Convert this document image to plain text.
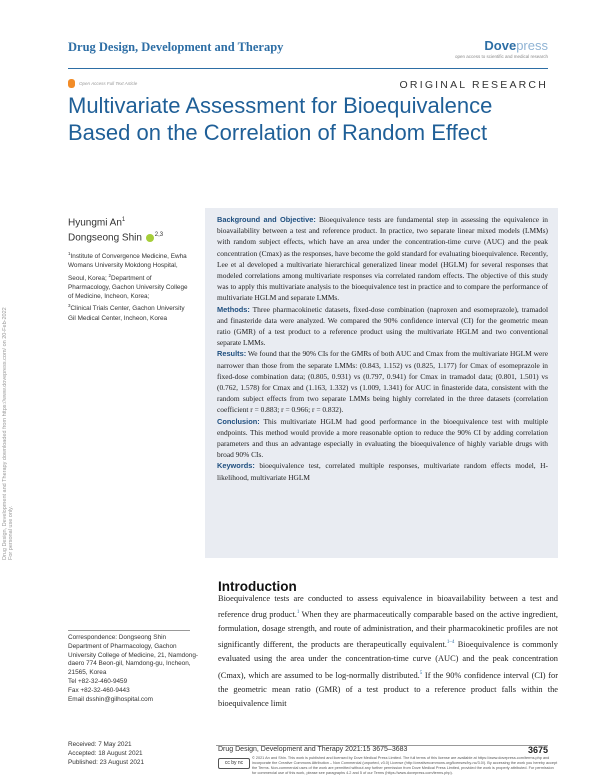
Drug Design, Development and Therapy	Dovepress
open access to scientific and medical research
Open Access Full Text Article	ORIGINAL RESEARCH
Multivariate Assessment for Bioequivalence Based on the Correlation of Random Effect
Drug Design, Development and Therapy downloaded from https://www.dovepress.com/ on 20-Feb-2022
For personal use only.
Hyungmi An$^1$
Dongseong Shin $^{2,3}$
$^1$Institute of Convergence Medicine, Ewha Womans University Mokdong Hospital, Seoul, Korea; $^2$Department of Pharmacology, Gachon University College of Medicine, Incheon, Korea;
$^3$Clinical Trials Center, Gachon University Gil Medical Center, Incheon, Korea

Background and Objective: Bioequivalence tests are fundamental step in assessing the equivalence in bioavailability between a test and reference product. In practice, two separate linear mixed models (LMMs) with random subject effects, which have an area under the concentration-time curve (AUC) and the peak concentration (Cmax) as the responses, have become the gold standard for evaluating bioequivalence. Recently, Lee et al developed a multivariate hierarchical generalized linear model (HGLM) for several responses that modeled correlations among multivariate responses via correlated random effects. The objective of this study was to apply this multivariate analysis to the bioequivalence test in practice and to compare the performance of multivariate HGLM and separate LMMs.

Methods: Three pharmacokinetic datasets, fixed-dose combination (naproxen and esomeprazole), tramadol and finasteride data were analyzed. We compared the 90% confidence interval (CI) for the geometric mean ratio (GMR) of a test product to a reference product using the multivariate HGLM and two conventional separate LMMs.

Results: We found that the 90% CIs for the GMRs of both AUC and Cmax from the multivariate HGLM were narrower than those from the separate LMMs: (0.843, 1.152) vs (0.825, 1.177) for Cmax of esomeprazole in fixed-dose combination data; (0.805, 0.931) vs (0.797, 0.941) for Cmax in tramadol data; (0.801, 1.501) vs (0.762, 1.578) for Cmax and (1.163, 1.332) vs (1.009, 1.341) for AUC in finasteride data, consistent with the random subject effects from two separate LMMs being highly correlated in the three datasets (correlation coefficient r = 0.883; r = 0.966; r = 0.832).

Conclusion: This multivariate HGLM had good performance in the bioequivalence test with multiple endpoints. This method would provide a more reasonable option to reduce the 90% CI by adding correlation parameters and thus an advantage especially in evaluating the bioequivalence of highly variable drugs with broad 90% CIs.

Keywords: bioequivalence test, correlated multiple responses, multivariate random effects model, H-likelihood, multivariate HGLM

Introduction
Bioequivalence tests are conducted to assess equivalence in bioavailability between a test and reference drug product.$^1$ When they are pharmaceutically comparable based on the active ingredient, formulation, dosage strength, and route of administration, and their pharmacokinetic profiles are not significantly different, the products are therapeutically equivalent.$^{1-4}$ Bioequivalence is commonly evaluated using the area under the concentration-time curve (AUC) and the peak concentration (Cmax), which are assumed to be log-normally distributed.$^5$ If the 90% confidence interval (CI) for the geometric mean ratio (GMR) of a test product to a reference product falls within the bioequivalence limit
Correspondence: Dongseong Shin
Department of Pharmacology, Gachon University College of Medicine, 21, Namdong-daero 774 Beon-gil, Namdong-gu, Incheon, 21565, Korea
Tel +82-32-460-9459
Fax +82-32-460-9443
Email dsshin@gilhospital.com
Received: 7 May 2021
Accepted: 18 August 2021
Published: 23 August 2021
Drug Design, Development and Therapy 2021:15 3675–3683	3675
cc by nc
© 2021 An and Shin. This work is published and licensed by Dove Medical Press Limited. The full terms of this license are available at https://www.dovepress.com/terms.php and incorporate the Creative Commons Attribution – Non Commercial (unported, v3.0) License (http://creativecommons.org/licenses/by-nc/3.0/). By accessing the work you hereby accept the Terms. Non-commercial uses of the work are permitted without any further permission from Dove Medical Press Limited, provided the work is properly attributed. For permission for commercial use of this work, please see paragraphs 4.2 and 5 of our Terms (https://www.dovepress.com/terms.php).
